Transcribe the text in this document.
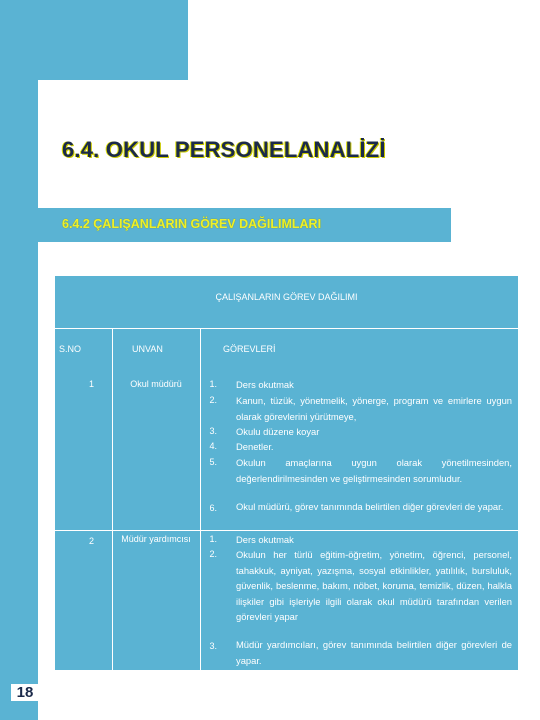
6.4. OKUL PERSONELANALİZİ
6.4.2 ÇALIŞANLARIN GÖREV DAĞILIMLARI
ÇALIŞANLARIN GÖREV DAĞILIMI
S.NO	UNVAN	GÖREVLERİ
1	Okul müdürü	1. Ders okutmak
2. Kanun, tüzük, yönetmelik, yönerge, program ve emirlere uygun olarak görevlerini yürütmeye,
3. Okulu düzene koyar
4. Denetler.
5. Okulun amaçlarına uygun olarak yönetilmesinden, değerlendirilmesinden ve geliştirmesinden sorumludur.
6. Okul müdürü, görev tanımında belirtilen diğer görevleri de yapar.
2	Müdür yardımcısı	1. Ders okutmak
2. Okulun her türlü eğitim-öğretim, yönetim, öğrenci, personel, tahakkuk, ayniyat, yazışma, sosyal etkinlikler, yatılılık, bursluluk, güvenlik, beslenme, bakım, nöbet, koruma, temizlik, düzen, halkla ilişkiler gibi işleriyle ilgili olarak okul müdürü tarafından verilen görevleri yapar
3. Müdür yardımcıları, görev tanımında belirtilen diğer görevleri de yapar.
18
